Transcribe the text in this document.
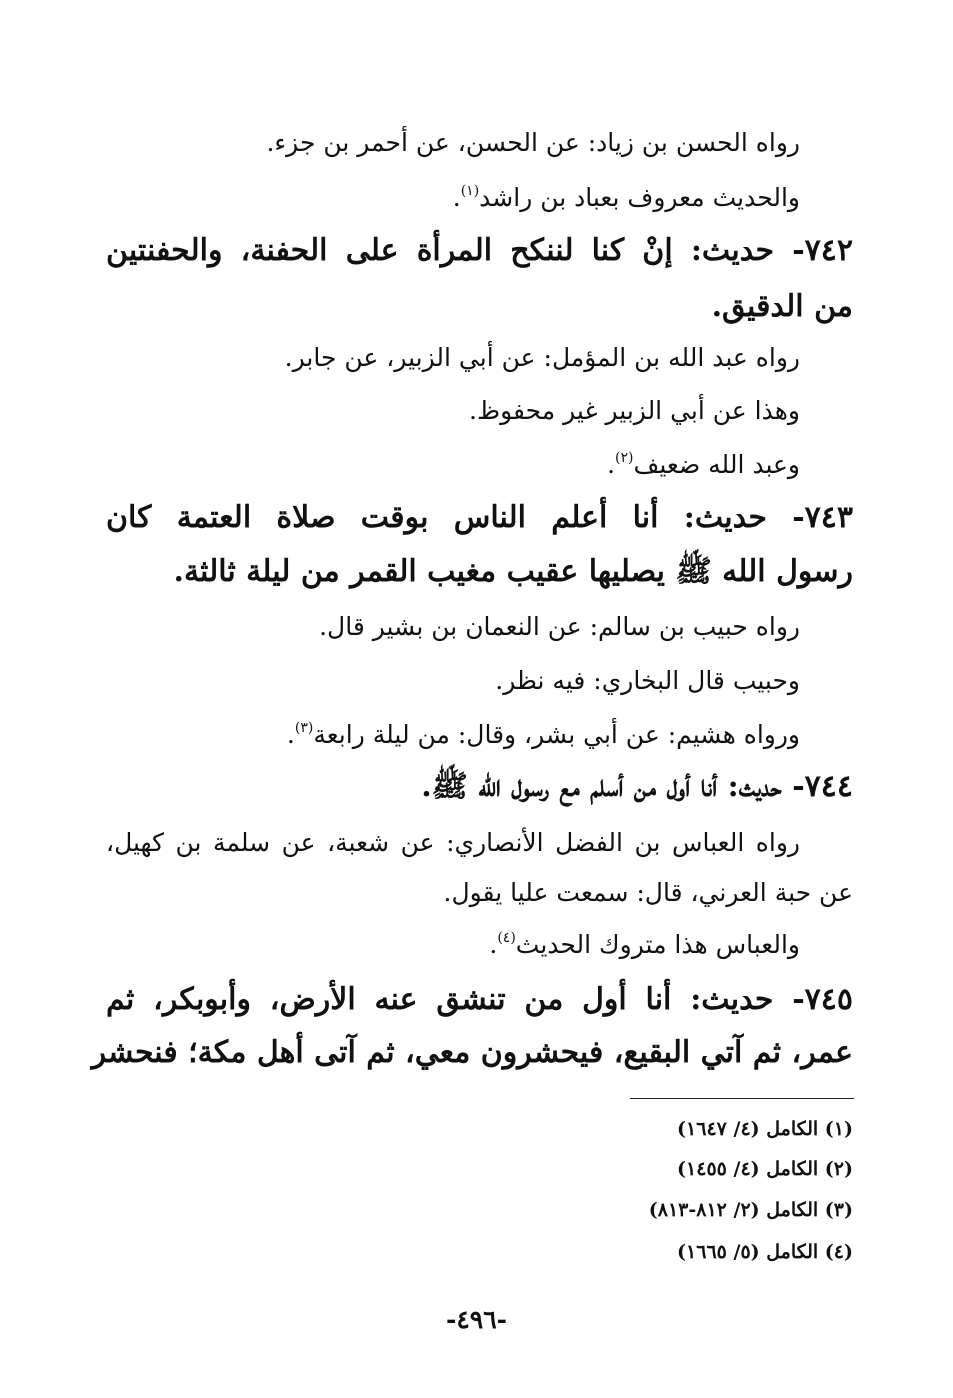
رواه الحسن بن زياد: عن الحسن، عن أحمر بن جزء.
والحديث معروف بعباد بن راشد$^{(١)}$.
٧٤٢- حديث: إنْ كنا لننكح المرأة على الحفنة، والحفنتين
من الدقيق.
رواه عبد الله بن المؤمل: عن أبي الزبير، عن جابر.
وهذا عن أبي الزبير غير محفوظ.
وعبد الله ضعيف$^{(٢)}$.
٧٤٣- حديث: أنا أعلم الناس بوقت صلاة العتمة كان
رسول الله ﷺ يصليها عقيب مغيب القمر من ليلة ثالثة.
رواه حبيب بن سالم: عن النعمان بن بشير قال.
وحبيب قال البخاري: فيه نظر.
ورواه هشيم: عن أبي بشر، وقال: من ليلة رابعة$^{(٣)}$.
٧٤٤- حديث: أنا أول من أسلم مع رسول الله ﷺ.
رواه العباس بن الفضل الأنصاري: عن شعبة، عن سلمة بن كهيل،
عن حبة العرني، قال: سمعت عليا يقول.
والعباس هذا متروك الحديث$^{(٤)}$.
٧٤٥- حديث: أنا أول من تنشق عنه الأرض، وأبوبكر، ثم
عمر، ثم آتي البقيع، فيحشرون معي، ثم آتى أهل مكة؛ فنحشر
(١) الكامل (٤/ ١٦٤٧)
(٢) الكامل (٤/ ١٤٥٥)
(٣) الكامل (٢/ ٨١٢-٨١٣)
(٤) الكامل (٥/ ١٦٦٥)
-٤٩٦-
